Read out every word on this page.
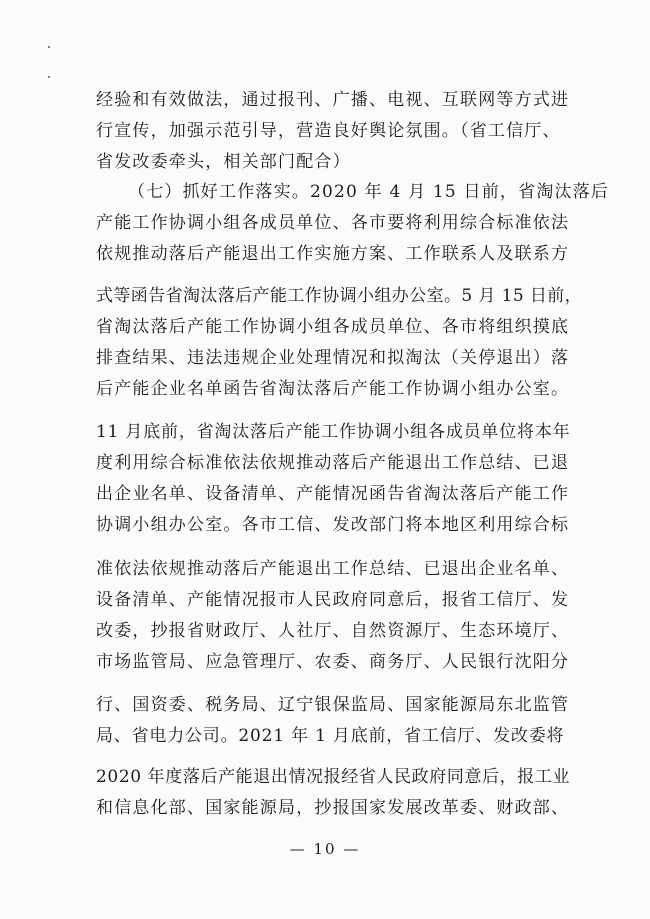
经验和有效做法，通过报刊、广播、电视、互联网等方式进
行宣传，加强示范引导，营造良好舆论氛围。（省工信厅、
省发改委牵头，相关部门配合）
（七）抓好工作落实。2020 年 4 月 15 日前，省淘汰落后
产能工作协调小组各成员单位、各市要将利用综合标准依法
依规推动落后产能退出工作实施方案、工作联系人及联系方
式等函告省淘汰落后产能工作协调小组办公室。5 月 15 日前，
省淘汰落后产能工作协调小组各成员单位、各市将组织摸底
排查结果、违法违规企业处理情况和拟淘汰（关停退出）落
后产能企业名单函告省淘汰落后产能工作协调小组办公室。
11 月底前，省淘汰落后产能工作协调小组各成员单位将本年
度利用综合标准依法依规推动落后产能退出工作总结、已退
出企业名单、设备清单、产能情况函告省淘汰落后产能工作
协调小组办公室。各市工信、发改部门将本地区利用综合标
准依法依规推动落后产能退出工作总结、已退出企业名单、
设备清单、产能情况报市人民政府同意后，报省工信厅、发
改委，抄报省财政厅、人社厅、自然资源厅、生态环境厅、
市场监管局、应急管理厅、农委、商务厅、人民银行沈阳分
行、国资委、税务局、辽宁银保监局、国家能源局东北监管
局、省电力公司。2021 年 1 月底前，省工信厅、发改委将
2020 年度落后产能退出情况报经省人民政府同意后，报工业
和信息化部、国家能源局，抄报国家发展改革委、财政部、
— 10 —
